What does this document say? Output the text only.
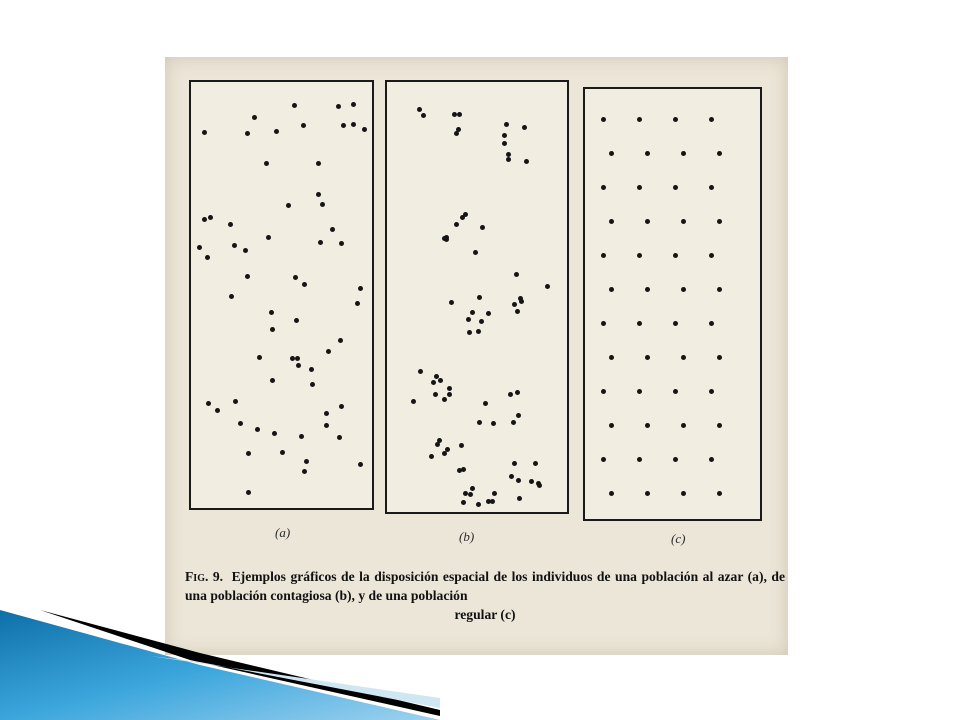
(a)	(b)	(c)
Fig. 9. Ejemplos gráficos de la disposición espacial de los individuos de una población al azar (a), de una población contagiosa (b), y de una población
regular (c)
